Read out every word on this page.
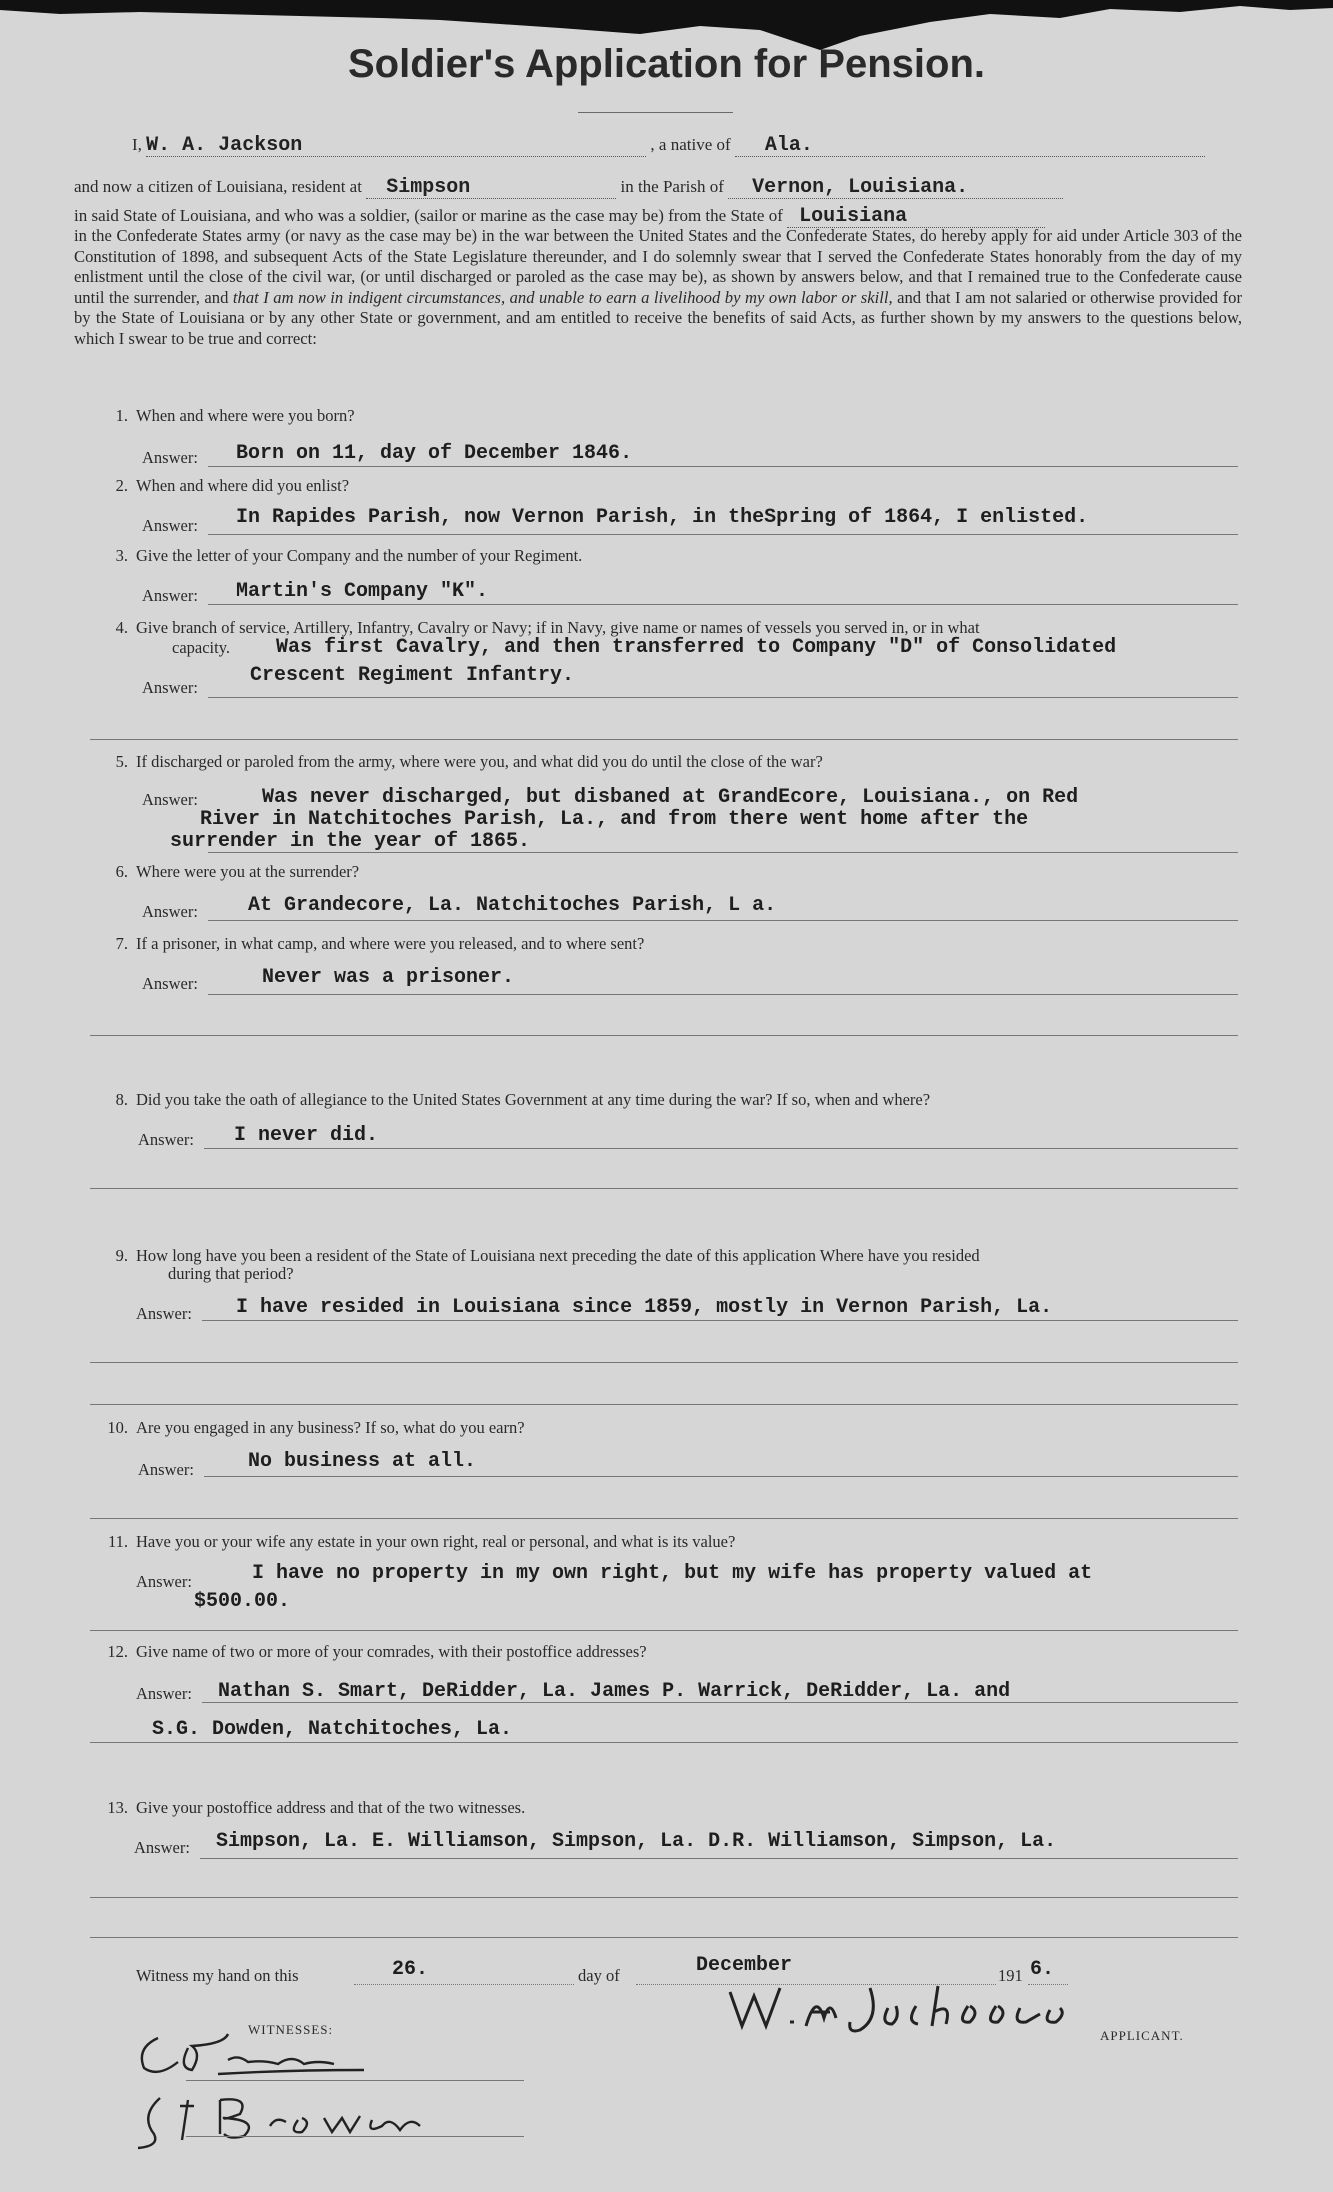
Soldier's Application for Pension.
I, W. A. Jackson	, a native of Ala.
and now a citizen of Louisiana, resident at Simpson	in the Parish of Vernon, Louisiana.
in said State of Louisiana, and who was a soldier, (sailor or marine as the case may be) from the State of Louisiana
in the Confederate States army (or navy as the case may be) in the war between the United States and the Confederate States, do hereby apply for aid under Article 303 of the Constitution of 1898, and subsequent Acts of the State Legislature thereunder, and I do solemnly swear that I served the Confederate States honorably from the day of my enlistment until the close of the civil war, (or until discharged or paroled as the case may be), as shown by answers below, and that I remained true to the Confederate cause until the surrender, and that I am now in indigent circumstances, and unable to earn a livelihood by my own labor or skill, and that I am not salaried or otherwise provided for by the State of Louisiana or by any other State or government, and am entitled to receive the benefits of said Acts, as further shown by my answers to the questions below, which I swear to be true and correct:
1. When and where were you born?
Answer: Born on 11, day of December 1846.
2. When and where did you enlist?
Answer: In Rapides Parish, now Vernon Parish, in theSpring of 1864, I enlisted.
3. Give the letter of your Company and the number of your Regiment.
Answer: Martin's Company "K".
4. Give branch of service, Artillery, Infantry, Cavalry or Navy; if in Navy, give name or names of vessels you served in, or in what
capacity. Was first Cavalry, and then transferred to Company "D" of Consolidated
Answer:
Crescent Regiment Infantry.
5. If discharged or paroled from the army, where were you, and what did you do until the close of the war?
Answer:	Was never discharged, but disbaned at GrandEcore, Louisiana., on Red
River in Natchitoches Parish, La., and from there went home after the
surrender in the year of 1865.
6. Where were you at the surrender?
Answer:	At Grandecore, La. Natchitoches Parish, L a.
7. If a prisoner, in what camp, and where were you released, and to where sent?
Answer:	Never was a prisoner.
8. Did you take the oath of allegiance to the United States Government at any time during the war? If so, when and where?
Answer: I never did.
9. How long have you been a resident of the State of Louisiana next preceding the date of this application Where have you resided
during that period?
Answer: I have resided in Louisiana since 1859, mostly in Vernon Parish, La.
10. Are you engaged in any business? If so, what do you earn?
Answer:	No business at all.
11. Have you or your wife any estate in your own right, real or personal, and what is its value?
Answer:	I have no property in my own right, but my wife has property valued at
$500.00.
12. Give name of two or more of your comrades, with their postoffice addresses?
Answer: Nathan S. Smart, DeRidder, La. James P. Warrick, DeRidder, La. and
S.G. Dowden, Natchitoches, La.
13. Give your postoffice address and that of the two witnesses.
Answer: Simpson, La. E. Williamson, Simpson, La. D.R. Williamson, Simpson, La.
Witness my hand on this	26.	day of	December	191 6.
APPLICANT.
WITNESSES:
